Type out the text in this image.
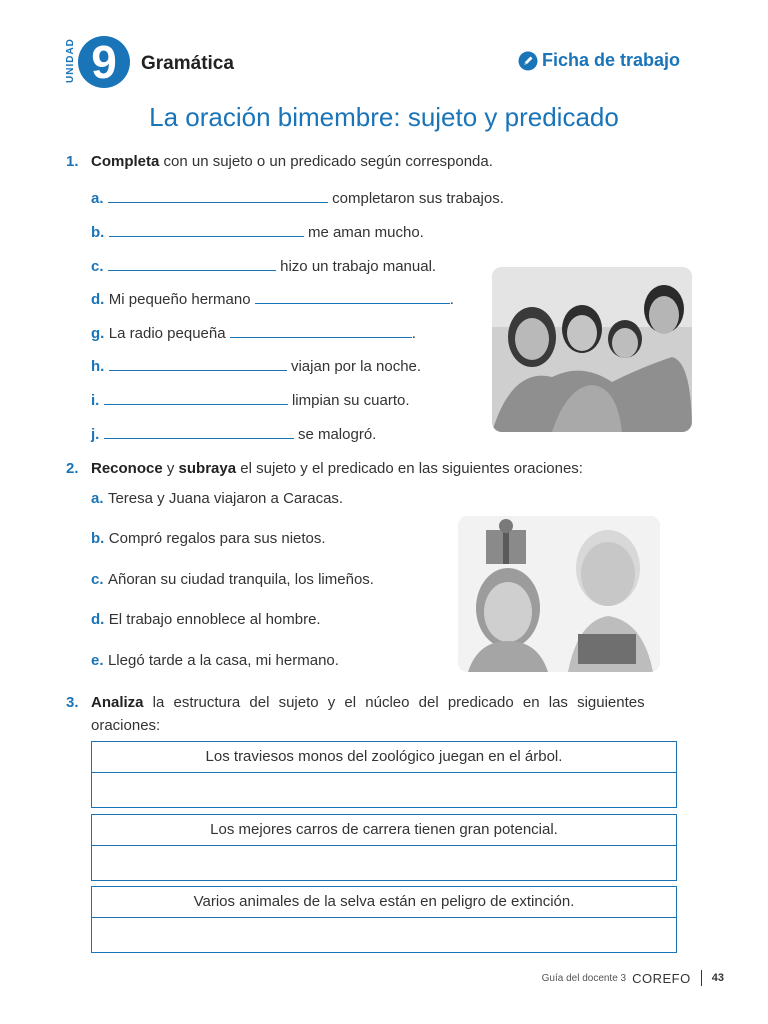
UNIDAD 9	Gramática	Ficha de trabajo
La oración bimembre: sujeto y predicado
1. Completa con un sujeto o un predicado según corresponda.
a.	completaron sus trabajos.
b.	me aman mucho.
c.	hizo un trabajo manual.
d. Mi pequeño hermano	.
g. La radio pequeña	.
h.	viajan por la noche.
i.	limpian su cuarto.
j.	se malogró.
2. Reconoce y subraya el sujeto y el predicado en las siguientes oraciones:
a. Teresa y Juana viajaron a Caracas.
b. Compró regalos para sus nietos.
c. Añoran su ciudad tranquila, los limeños.
d. El trabajo ennoblece al hombre.
e. Llegó tarde a la casa, mi hermano.
3. Analiza la estructura del sujeto y el núcleo del predicado en las siguientes
oraciones:
Los traviesos monos del zoológico juegan en el árbol.
Los mejores carros de carrera tienen gran potencial.
Varios animales de la selva están en peligro de extinción.
Guía del docente 3 COREFO 43
